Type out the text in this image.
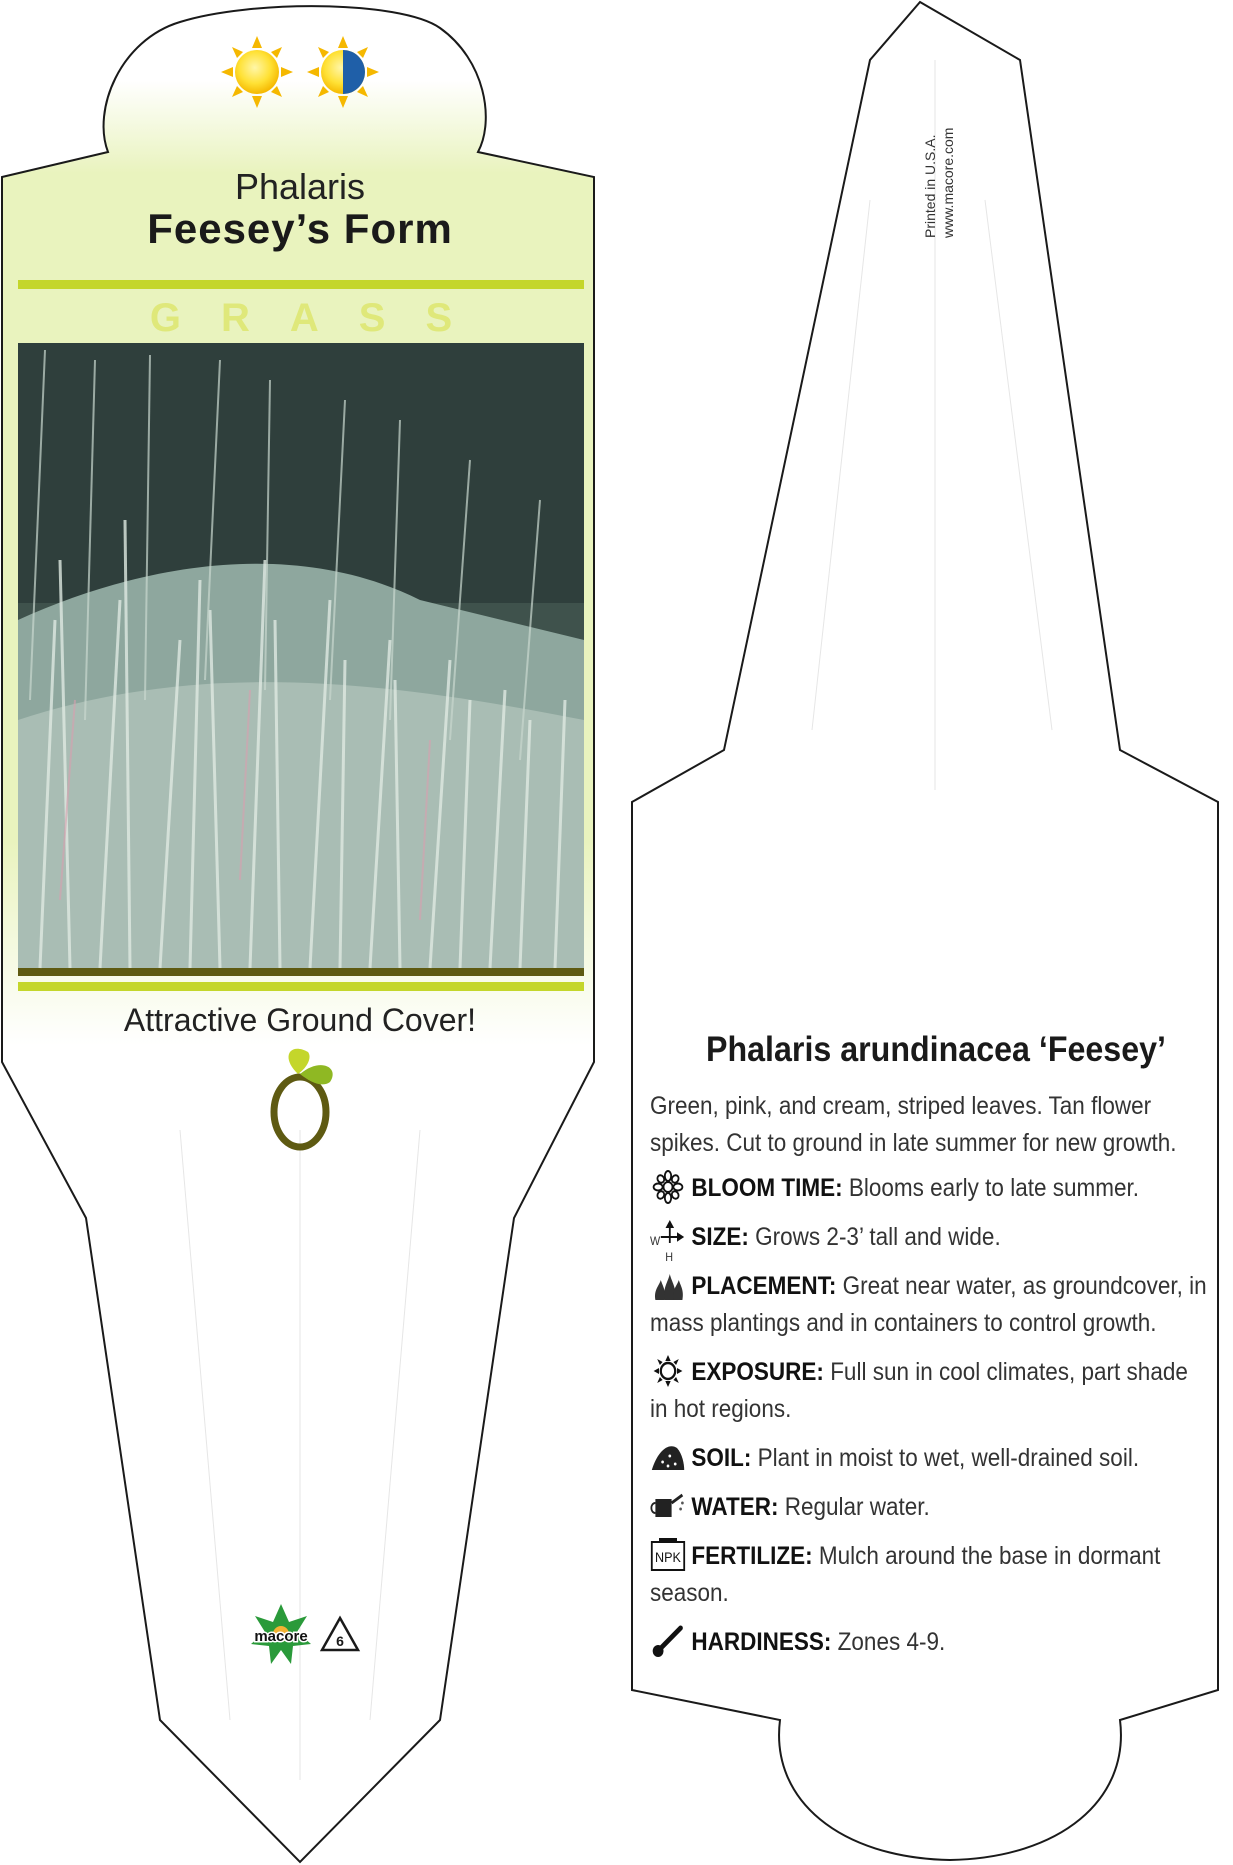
macore	6
Phalaris
Feesey’s Form
GRASS
Attractive Ground Cover!
Printed in U.S.A. www.macore.com
Phalaris arundinacea ‘Feesey’
Green, pink, and cream, striped leaves. Tan flower spikes. Cut to ground in late summer for new growth.
BLOOM TIME: Blooms early to late summer.
W
H
SIZE: Grows 2-3’ tall and wide.
PLACEMENT: Great near water, as groundcover, in mass plantings and in containers to control growth.
EXPOSURE: Full sun in cool climates, part shade in hot regions.
SOIL: Plant in moist to wet, well-drained soil.
WATER: Regular water.
NPK FERTILIZE: Mulch around the base in dormant season.
HARDINESS: Zones 4-9.
